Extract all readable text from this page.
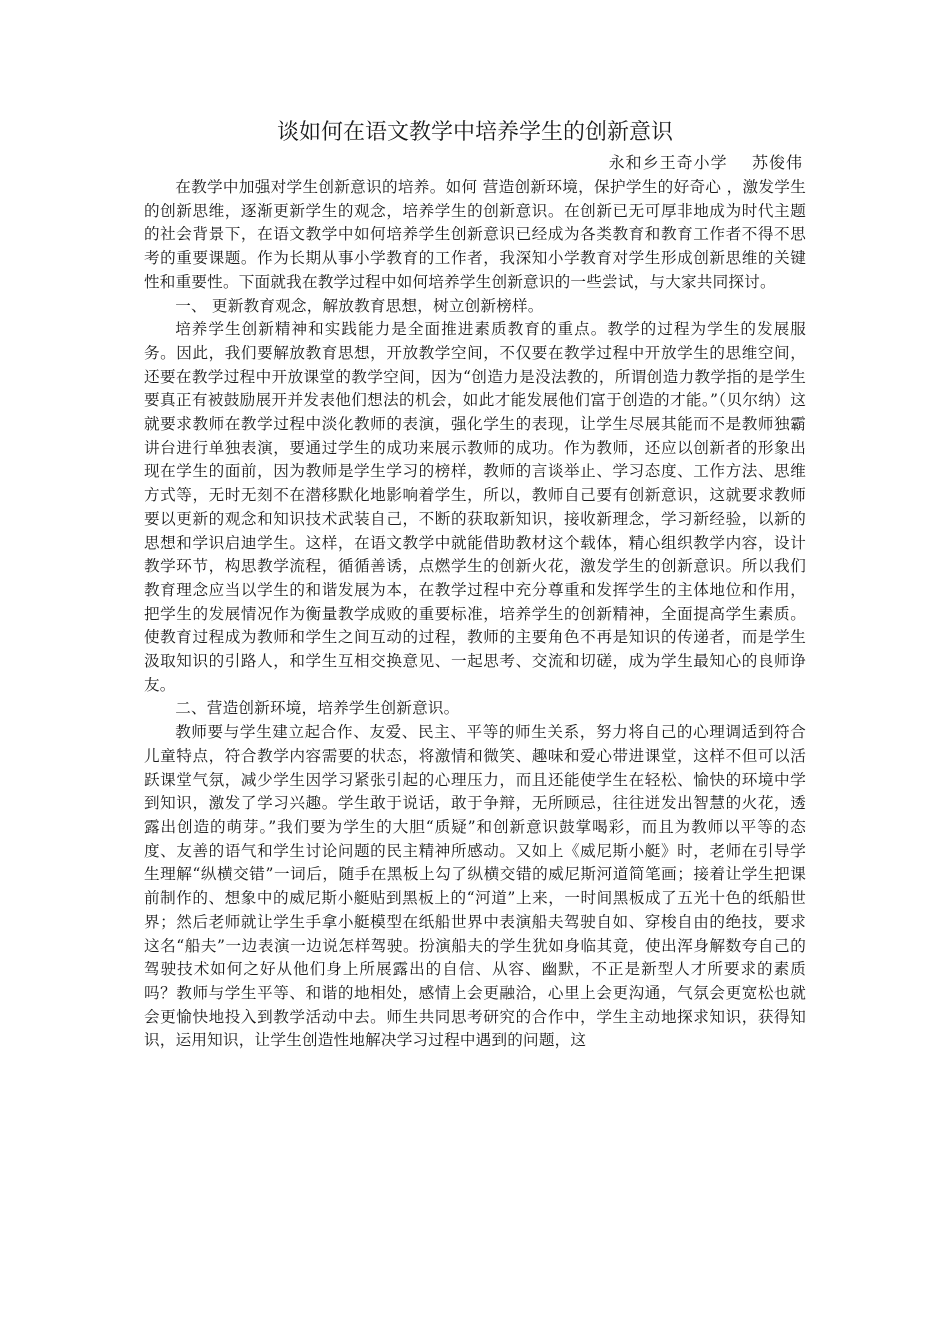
谈如何在语文教学中培养学生的创新意识
永和乡王奇小学    苏俊伟

在教学中加强对学生创新意识的培养。如何 营造创新环境，保护学生的好奇心 ，激发学生的创新思维，逐渐更新学生的观念，培养学生的创新意识。在创新已无可厚非地成为时代主题的社会背景下，在语文教学中如何培养学生创新意识已经成为各类教育和教育工作者不得不思考的重要课题。作为长期从事小学教育的工作者，我深知小学教育对学生形成创新思维的关键性和重要性。下面就我在教学过程中如何培养学生创新意识的一些尝试，与大家共同探讨。

一、 更新教育观念，解放教育思想，树立创新榜样。

培养学生创新精神和实践能力是全面推进素质教育的重点。教学的过程为学生的发展服务。因此，我们要解放教育思想，开放教学空间，不仅要在教学过程中开放学生的思维空间，还要在教学过程中开放课堂的教学空间，因为“创造力是没法教的，所谓创造力教学指的是学生要真正有被鼓励展开并发表他们想法的机会，如此才能发展他们富于创造的才能。”（贝尔纳）这就要求教师在教学过程中淡化教师的表演，强化学生的表现，让学生尽展其能而不是教师独霸讲台进行单独表演，要通过学生的成功来展示教师的成功。作为教师，还应以创新者的形象出现在学生的面前，因为教师是学生学习的榜样，教师的言谈举止、学习态度、工作方法、思维方式等，无时无刻不在潜移默化地影响着学生，所以，教师自己要有创新意识，这就要求教师要以更新的观念和知识技术武装自己，不断的获取新知识，接收新理念，学习新经验，以新的思想和学识启迪学生。这样，在语文教学中就能借助教材这个载体，精心组织教学内容，设计教学环节，构思教学流程，循循善诱，点燃学生的创新火花，激发学生的创新意识。所以我们教育理念应当以学生的和谐发展为本，在教学过程中充分尊重和发挥学生的主体地位和作用，把学生的发展情况作为衡量教学成败的重要标准，培养学生的创新精神，全面提高学生素质。使教育过程成为教师和学生之间互动的过程，教师的主要角色不再是知识的传递者，而是学生汲取知识的引路人，和学生互相交换意见、一起思考、交流和切磋，成为学生最知心的良师诤友。

二、营造创新环境，培养学生创新意识。

教师要与学生建立起合作、友爱、民主、平等的师生关系，努力将自己的心理调适到符合儿童特点，符合教学内容需要的状态，将激情和微笑、趣味和爱心带进课堂，这样不但可以活跃课堂气氛，减少学生因学习紧张引起的心理压力，而且还能使学生在轻松、愉快的环境中学到知识，激发了学习兴趣。学生敢于说话，敢于争辩，无所顾忌，往往迸发出智慧的火花，透露出创造的萌芽。”我们要为学生的大胆“质疑”和创新意识鼓掌喝彩，而且为教师以平等的态度、友善的语气和学生讨论问题的民主精神所感动。又如上《威尼斯小艇》时，老师在引导学生理解“纵横交错”一词后，随手在黑板上勾了纵横交错的威尼斯河道简笔画；接着让学生把课前制作的、想象中的威尼斯小艇贴到黑板上的“河道”上来，一时间黑板成了五光十色的纸船世界；然后老师就让学生手拿小艇模型在纸船世界中表演船夫驾驶自如、穿梭自由的绝技，要求这名“船夫”一边表演一边说怎样驾驶。扮演船夫的学生犹如身临其竟，使出浑身解数夸自己的驾驶技术如何之好从他们身上所展露出的自信、从容、幽默，不正是新型人才所要求的素质吗？教师与学生平等、和谐的地相处，感情上会更融洽，心里上会更沟通，气氛会更宽松也就会更愉快地投入到教学活动中去。师生共同思考研究的合作中，学生主动地探求知识，获得知识，运用知识，让学生创造性地解决学习过程中遇到的问题，这
